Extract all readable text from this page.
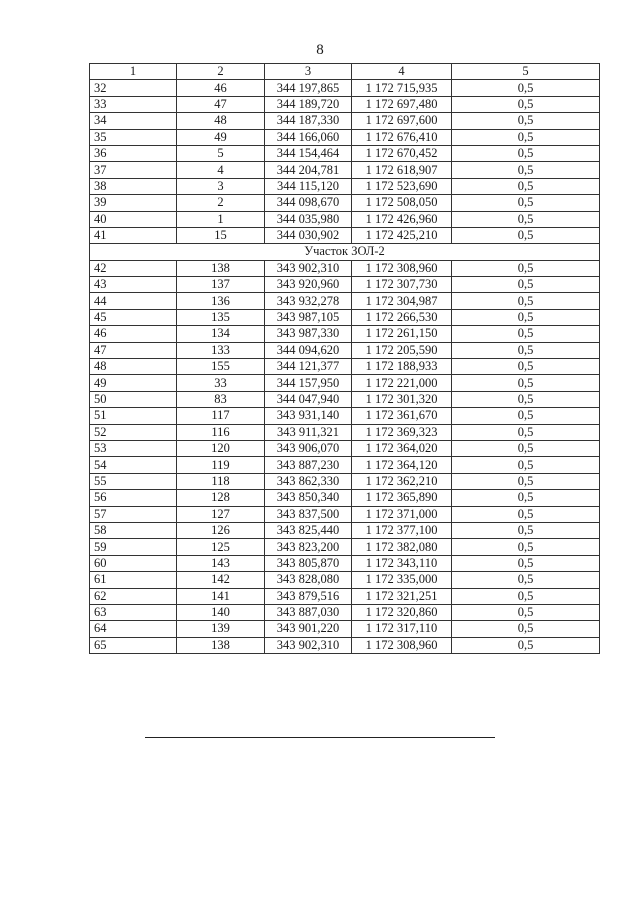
8
1	2	3	4	5
32	46	344 197,865	1 172 715,935	0,5
33	47	344 189,720	1 172 697,480	0,5
34	48	344 187,330	1 172 697,600	0,5
35	49	344 166,060	1 172 676,410	0,5
36	5	344 154,464	1 172 670,452	0,5
37	4	344 204,781	1 172 618,907	0,5
38	3	344 115,120	1 172 523,690	0,5
39	2	344 098,670	1 172 508,050	0,5
40	1	344 035,980	1 172 426,960	0,5
41	15	344 030,902	1 172 425,210	0,5
Участок ЗОЛ-2				
42	138	343 902,310	1 172 308,960	0,5
43	137	343 920,960	1 172 307,730	0,5
44	136	343 932,278	1 172 304,987	0,5
45	135	343 987,105	1 172 266,530	0,5
46	134	343 987,330	1 172 261,150	0,5
47	133	344 094,620	1 172 205,590	0,5
48	155	344 121,377	1 172 188,933	0,5
49	33	344 157,950	1 172 221,000	0,5
50	83	344 047,940	1 172 301,320	0,5
51	117	343 931,140	1 172 361,670	0,5
52	116	343 911,321	1 172 369,323	0,5
53	120	343 906,070	1 172 364,020	0,5
54	119	343 887,230	1 172 364,120	0,5
55	118	343 862,330	1 172 362,210	0,5
56	128	343 850,340	1 172 365,890	0,5
57	127	343 837,500	1 172 371,000	0,5
58	126	343 825,440	1 172 377,100	0,5
59	125	343 823,200	1 172 382,080	0,5
60	143	343 805,870	1 172 343,110	0,5
61	142	343 828,080	1 172 335,000	0,5
62	141	343 879,516	1 172 321,251	0,5
63	140	343 887,030	1 172 320,860	0,5
64	139	343 901,220	1 172 317,110	0,5
65	138	343 902,310	1 172 308,960	0,5
